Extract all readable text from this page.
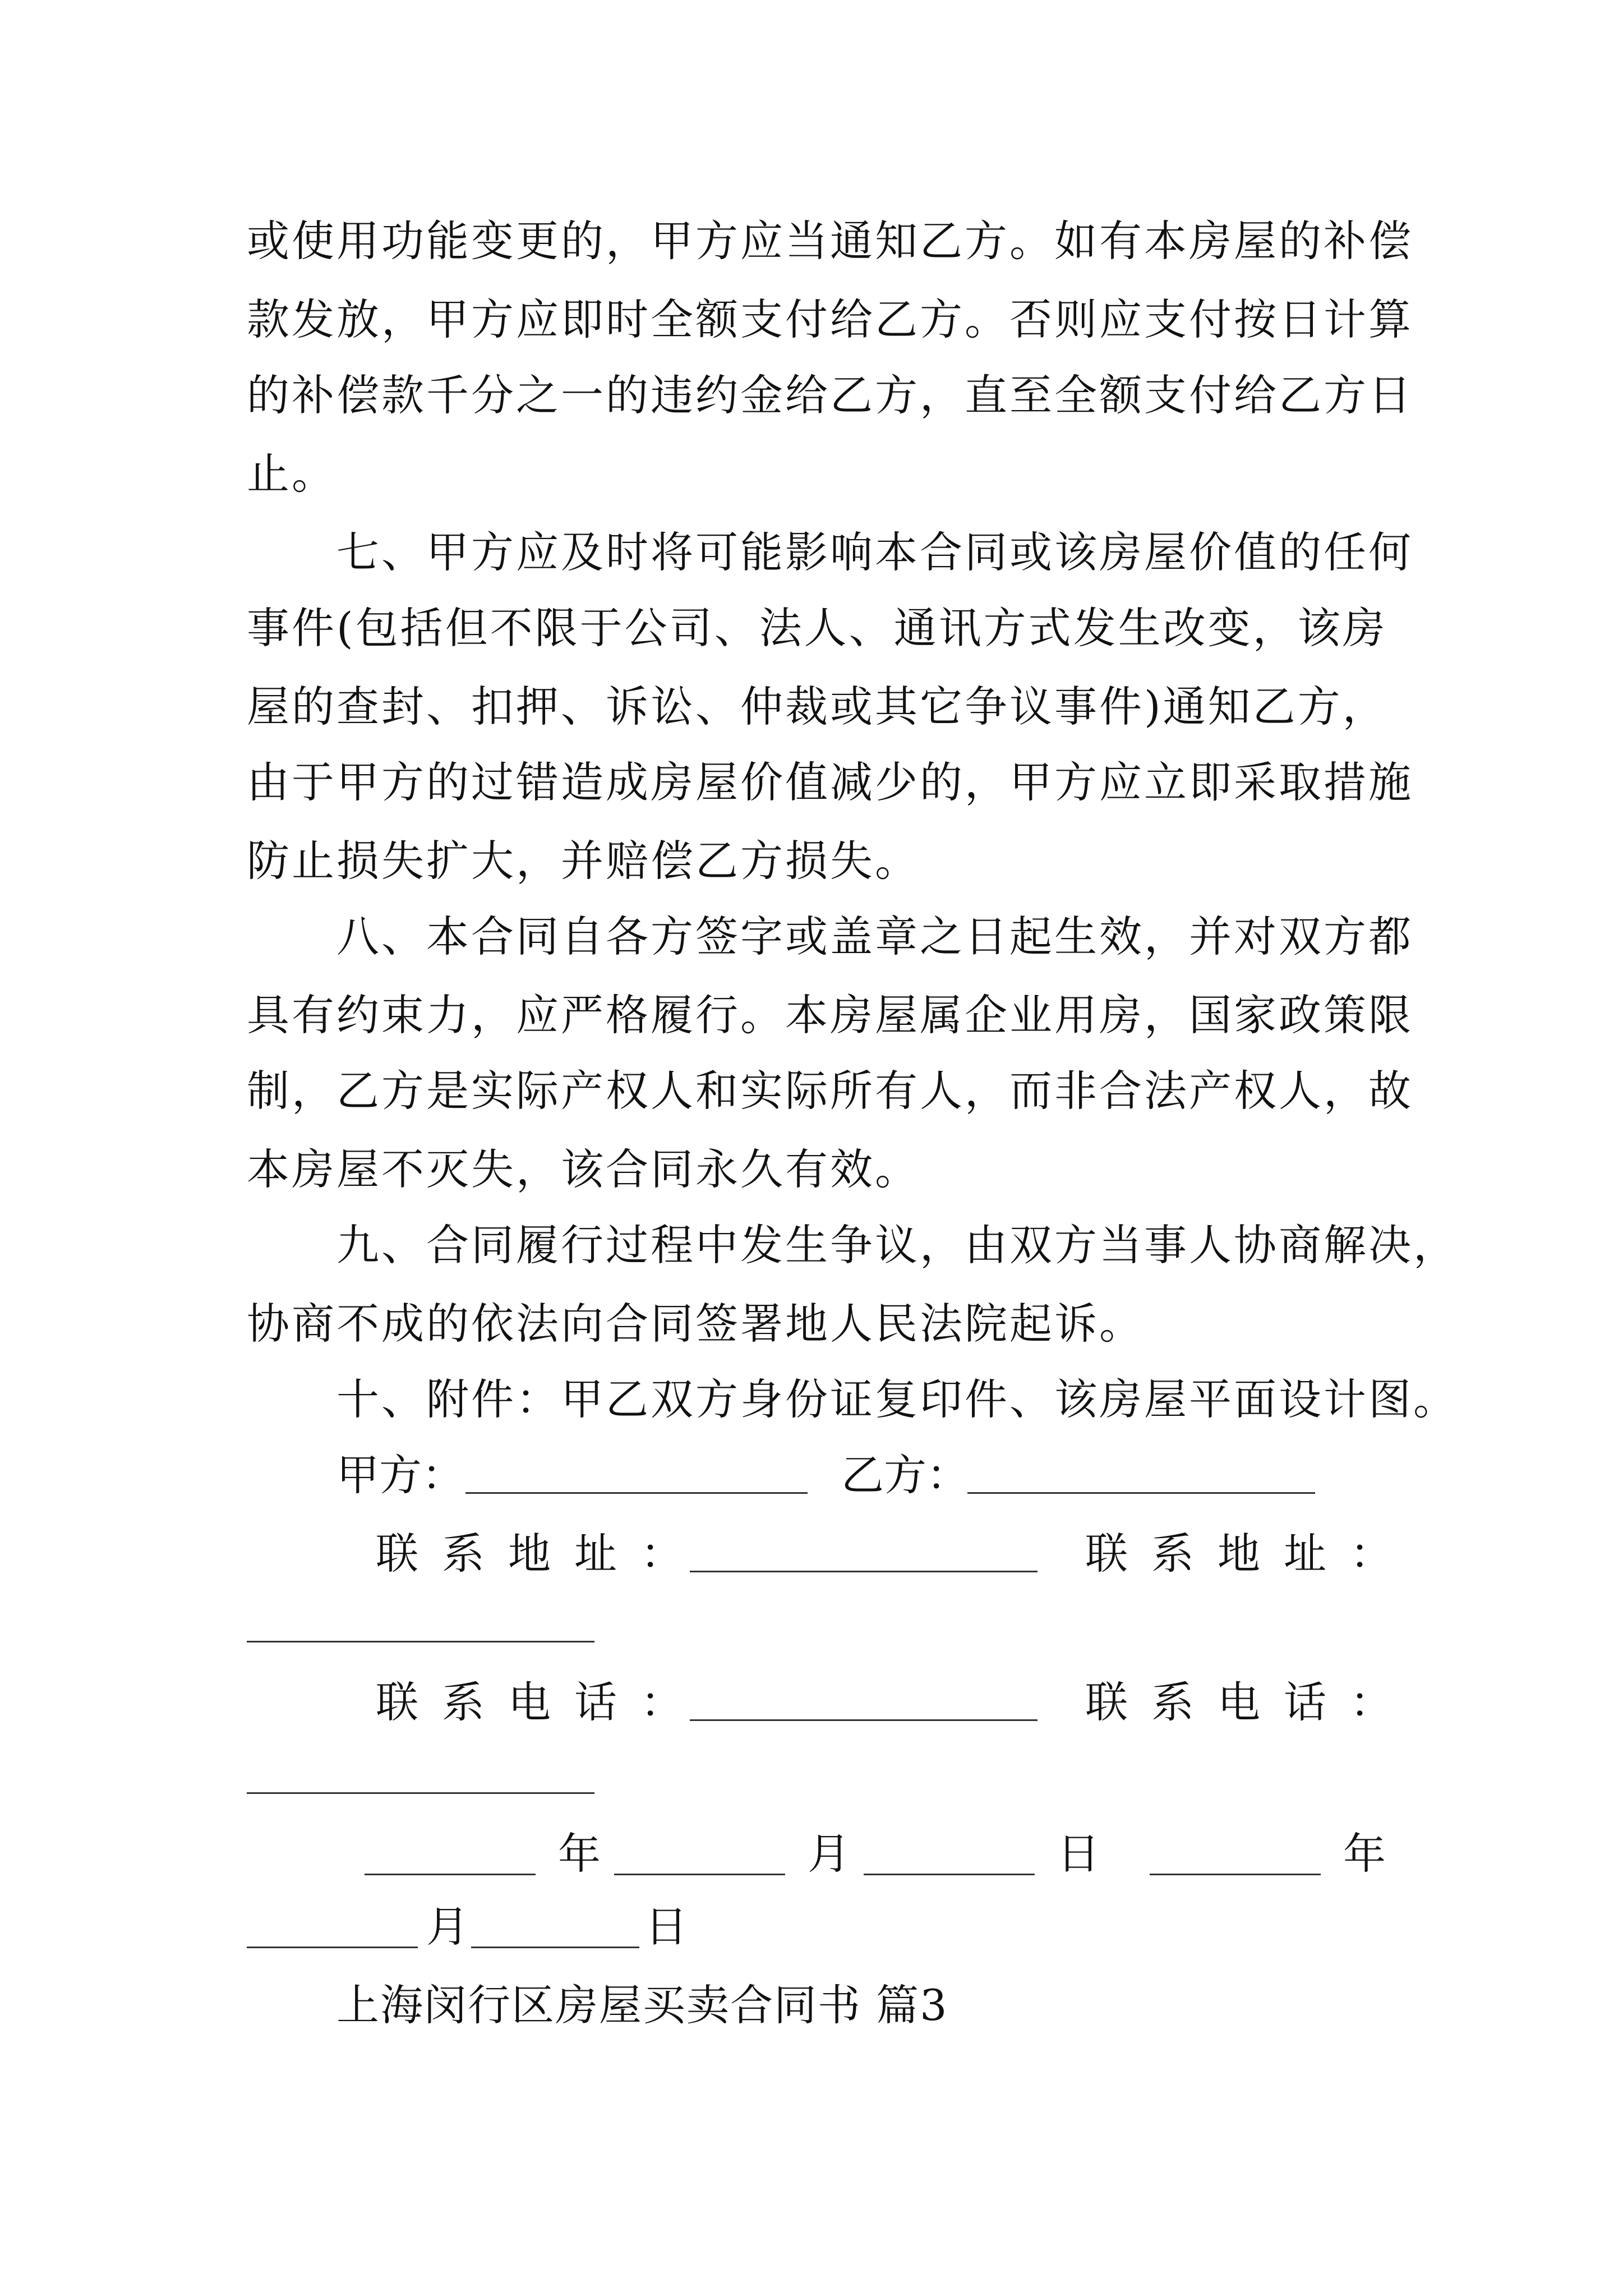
或使用功能变更的，甲方应当通知乙方。如有本房屋的补偿
款发放，甲方应即时全额支付给乙方。否则应支付按日计算
的补偿款千分之一的违约金给乙方，直至全额支付给乙方日
止。
七、甲方应及时将可能影响本合同或该房屋价值的任何
事件(包括但不限于公司、法人、通讯方式发生改变，该房
屋的查封、扣押、诉讼、仲裁或其它争议事件)通知乙方，
由于甲方的过错造成房屋价值减少的，甲方应立即采取措施
防止损失扩大，并赔偿乙方损失。
八、本合同自各方签字或盖章之日起生效，并对双方都
具有约束力，应严格履行。本房屋属企业用房，国家政策限
制，乙方是实际产权人和实际所有人，而非合法产权人，故
本房屋不灭失，该合同永久有效。
九、合同履行过程中发生争议，由双方当事人协商解决，
协商不成的依法向合同签署地人民法院起诉。
十、附件：甲乙双方身份证复印件、该房屋平面设计图。
甲方：	乙方：
联系地址：	联系地址：
联系电话：	联系电话：
年	月	日	年
月	日
上海闵行区房屋买卖合同书 篇3
